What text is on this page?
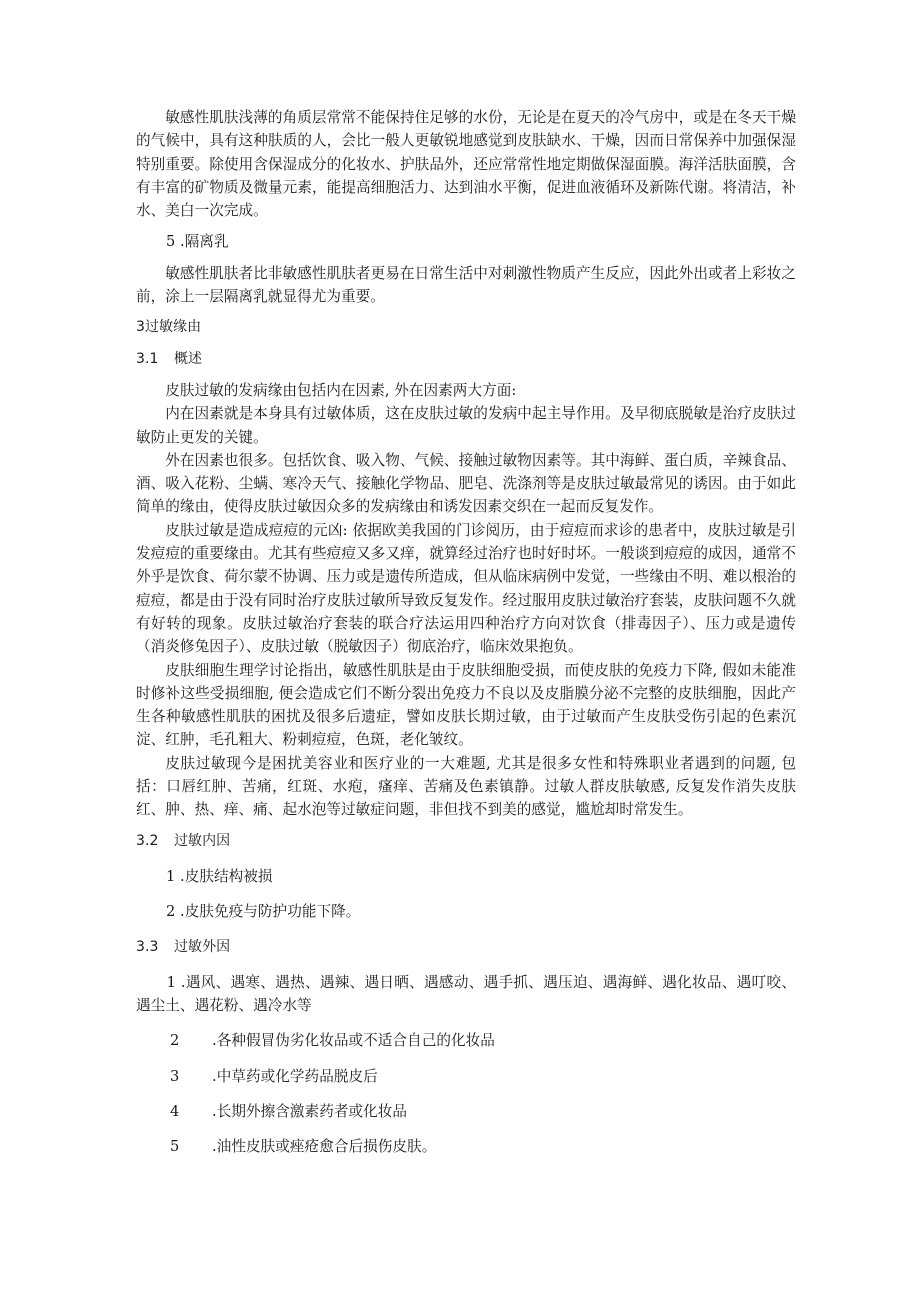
敏感性肌肤浅薄的角质层常常不能保持住足够的水份，无论是在夏天的冷气房中，或是在冬天干燥的气候中，具有这种肤质的人，会比一般人更敏锐地感觉到皮肤缺水、干燥，因而日常保养中加强保湿特别重要。除使用含保湿成分的化妆水、护肤品外，还应常常性地定期做保湿面膜。海洋活肤面膜，含有丰富的矿物质及微量元素，能提高细胞活力、达到油水平衡，促进血液循环及新陈代谢。将清洁，补水、美白一次完成。

5 .隔离乳

敏感性肌肤者比非敏感性肌肤者更易在日常生活中对刺激性物质产生反应，因此外出或者上彩妆之前，涂上一层隔离乳就显得尤为重要。

3过敏缘由

3.1 概述

皮肤过敏的发病缘由包括内在因素, 外在因素两大方面:

内在因素就是本身具有过敏体质，这在皮肤过敏的发病中起主导作用。及早彻底脱敏是治疗皮肤过敏防止更发的关键。

外在因素也很多。包括饮食、吸入物、气候、接触过敏物因素等。其中海鲜、蛋白质，辛辣食品、酒、吸入花粉、尘螨、寒冷天气、接触化学物品、肥皂、洗涤剂等是皮肤过敏最常见的诱因。由于如此简单的缘由，使得皮肤过敏因众多的发病缘由和诱发因素交织在一起而反复发作。

皮肤过敏是造成痘痘的元凶: 依据欧美我国的门诊阅历，由于痘痘而求诊的患者中，皮肤过敏是引发痘痘的重要缘由。尤其有些痘痘又多又痒，就算经过治疗也时好时坏。一般谈到痘痘的成因，通常不外乎是饮食、荷尔蒙不协调、压力或是遗传所造成，但从临床病例中发觉，一些缘由不明、难以根治的痘痘，都是由于没有同时治疗皮肤过敏所导致反复发作。经过服用皮肤过敏治疗套装，皮肤问题不久就有好转的现象。皮肤过敏治疗套装的联合疗法运用四种治疗方向对饮食（排毒因子）、压力或是遗传（消炎修兔因子）、皮肤过敏（脱敏因子）彻底治疗，临床效果抱负。

皮肤细胞生理学讨论指出，敏感性肌肤是由于皮肤细胞受损，而使皮肤的免疫力下降, 假如未能准时修补这些受损细胞, 便会造成它们不断分裂出免疫力不良以及皮脂膜分泌不完整的皮肤细胞，因此产生各种敏感性肌肤的困扰及很多后遗症，譬如皮肤长期过敏，由于过敏而产生皮肤受伤引起的色素沉淀、红肿，毛孔粗大、粉刺痘痘，色斑，老化皱纹。

皮肤过敏现今是困扰美容业和医疗业的一大难题, 尤其是很多女性和特殊职业者遇到的问题, 包括：口唇红肿、苦痛，红斑、水疱，瘙痒、苦痛及色素镇静。过敏人群皮肤敏感, 反复发作消失皮肤红、肿、热、痒、痛、起水泡等过敏症问题，非但找不到美的感觉，尴尬却时常发生。

3.2 过敏内因

1 .皮肤结构被损

2 .皮肤免疫与防护功能下降。

3.3 过敏外因

1 .遇风、遇寒、遇热、遇辣、遇日晒、遇感动、遇手抓、遇压迫、遇海鲜、遇化妆品、遇叮咬、遇尘土、遇花粉、遇冷水等

2 .各种假冒伪劣化妆品或不适合自己的化妆品

3 .中草药或化学药品脱皮后

4 .长期外擦含激素药者或化妆品

5 .油性皮肤或痤疮愈合后损伤皮肤。
